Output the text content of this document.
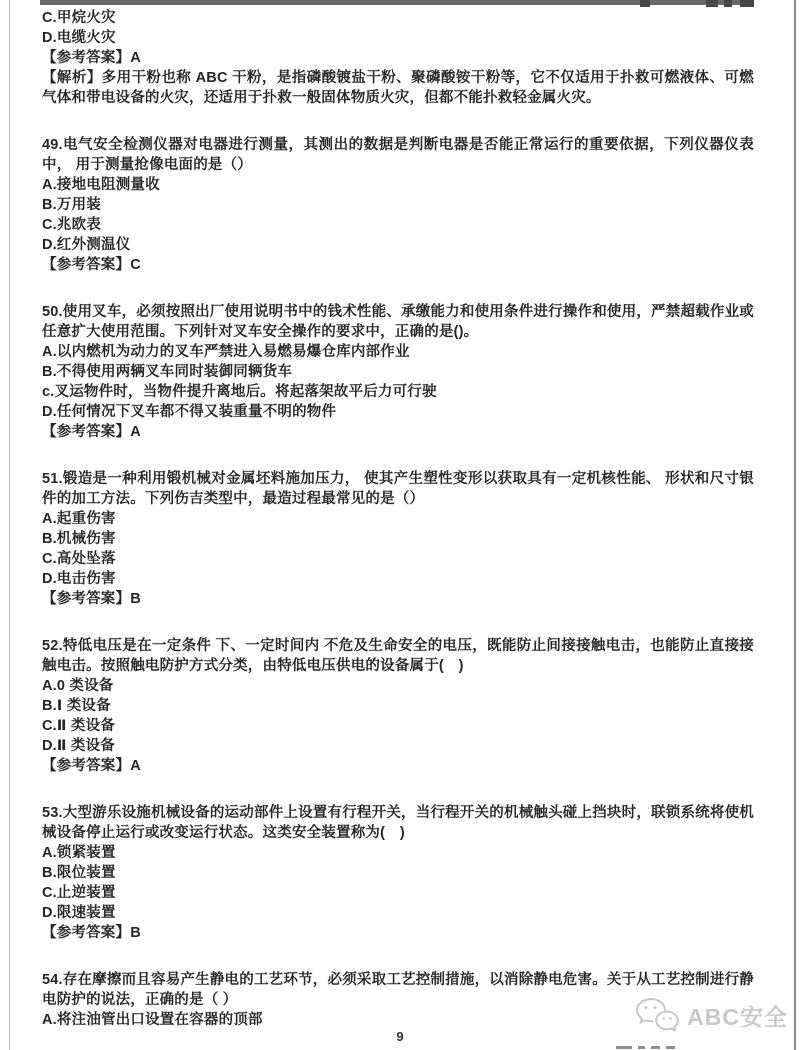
C.甲烷火灾
D.电缆火灾
【参考答案】A

【解析】多用干粉也称 ABC 干粉，是指磷酸镀盐干粉、聚磷酸铵干粉等，它不仅适用于扑救可燃液体、可燃气体和带电设备的火灾，还适用于扑救一般固体物质火灾，但都不能扑救轻金属火灾。

49.电气安全检测仪器对电器进行测量，其测出的数据是判断电器是否能正常运行的重要依据，下列仪器仪表中， 用于测量抢像电面的是（）

A.接地电阻测量收
B.万用装
C.兆欧表
D.红外测温仪
【参考答案】C

50.使用叉车，必须按照出厂使用说明书中的钱术性能、承缴能力和使用条件进行操作和使用，严禁超载作业或任意扩大使用范围。下列针对叉车安全操作的要求中，正确的是()。

A.以内燃机为动力的叉车严禁进入易燃易爆仓库内部作业
B.不得使用两辆叉车同时装御同辆货车
c.叉运物件时，当物件提升离地后。将起落架故平后力可行驶
D.任何情况下叉车都不得又装重量不明的物件
【参考答案】A

51.锻造是一种利用锻机械对金属坯料施加压力， 使其产生塑性变形以获取具有一定机核性能、 形状和尺寸银件的加工方法。下列伤吉类型中，最造过程最常见的是（）

A.起重伤害
B.机械伤害
C.高处坠落
D.电击伤害
【参考答案】B

52.特低电压是在一定条件 下、一定时间内 不危及生命安全的电压，既能防止间接接触电击，也能防止直接接触电击。按照触电防护方式分类，由特低电压供电的设备属于(　)

A.0 类设备
B.Ⅰ 类设备
C.Ⅱ 类设备
D.Ⅱ 类设备
【参考答案】A

53.大型游乐设施机械设备的运动部件上设置有行程开关，当行程开关的机械触头碰上挡块时，联锁系统将使机械设备停止运行或改变运行状态。这类安全装置称为(　)

A.锁紧装置
B.限位装置
C.止逆装置
D.限速装置
【参考答案】B

54.存在摩擦而且容易产生静电的工艺环节，必须采取工艺控制措施，以消除静电危害。关于从工艺控制进行静电防护的说法，正确的是（ ）

A.将注油管出口设置在容器的顶部
9
ABC安全
